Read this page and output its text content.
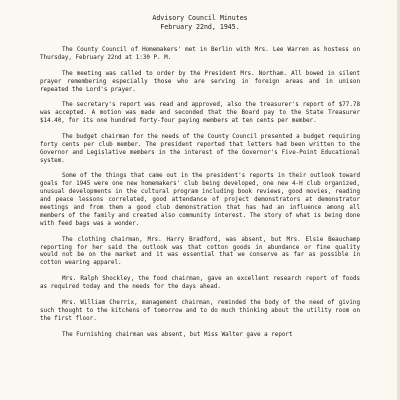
Advisory Council Minutes
February 22nd, 1945.

The County Council of Homemakers' met in Berlin with Mrs. Lee Warren as hostess on Thursday, February 22nd at 1:30 P. M.

The meeting was called to order by the President Mrs. Northam. All bowed in silent prayer remembering especially those who are serving in foreign areas and in unison repeated the Lord's prayer.

The secretary's report was read and approved, also the treasurer's report of $77.78 was accepted. A motion was made and seconded that the Board pay to the State Treasurer $14.40, for its one hundred forty-four paying members at ten cents per member.

The budget chairman for the needs of the County Council presented a budget requiring forty cents per club member. The president reported that letters had been written to the Governor and Legislative members in the interest of the Governor's Five-Point Educational system.

Some of the things that came out in the president's reports in their outlook toward goals for 1945 were one new homemakers' club being developed, one new 4-H club organized, unusual developments in the cultural program including book reviews, good movies, reading and peace lessons correlated, good attendance of project demonstrators at demonstrator meetings and from them a good club demonstration that has had an influence among all members of the family and created also community interest. The story of what is being done with feed bags was a wonder.

The clothing chairman, Mrs. Harry Bradford, was absent, but Mrs. Elsie Beauchamp reporting for her said the outlook was that cotton goods in abundance or fine quality would not be on the market and it was essential that we conserve as far as possible in cotton wearing apparel.

Mrs. Ralph Shockley, the food chairman, gave an excellent research report of foods as required today and the needs for the days ahead.

Mrs. William Cherrix, management chairman, reminded the body of the need of giving such thought to the kitchens of tomorrow and to do much thinking about the utility room on the first floor.

The Furnishing chairman was absent, but Miss Walter gave a report
